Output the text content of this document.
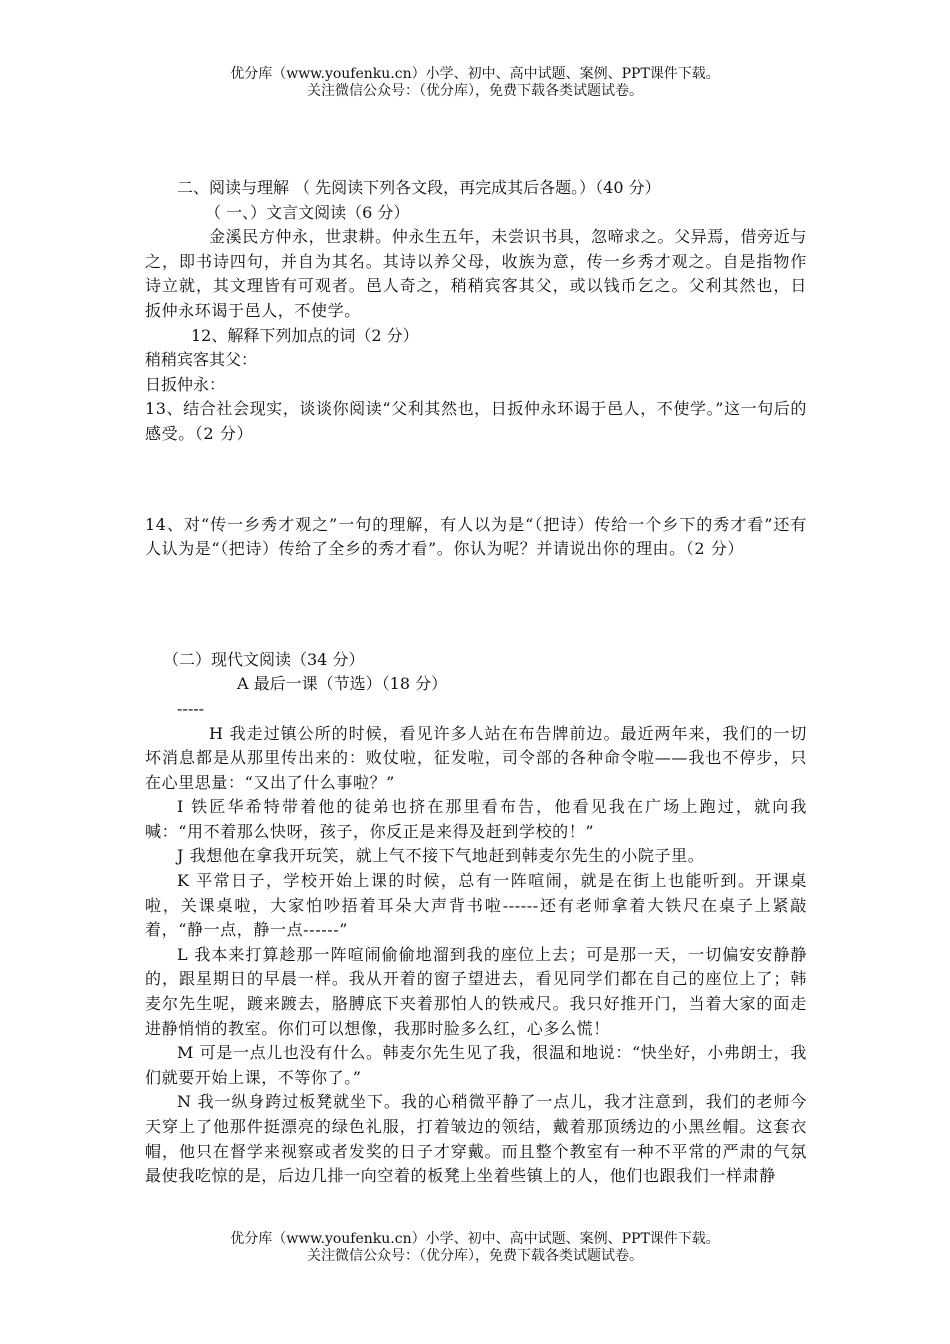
优分库（www.youfenku.cn）小学、初中、高中试题、案例、PPT课件下载。
关注微信公众号：（优分库），免费下载各类试题试卷。
二、阅读与理解 （ 先阅读下列各文段，再完成其后各题。）（40 分）
（ 一、）文言文阅读（6 分）

金溪民方仲永，世隶耕。仲永生五年，未尝识书具，忽啼求之。父异焉，借旁近与之，即书诗四句，并自为其名。其诗以养父母，收族为意，传一乡秀才观之。自是指物作诗立就，其文理皆有可观者。邑人奇之，稍稍宾客其父，或以钱币乞之。父利其然也，日扳仲永环谒于邑人，不使学。

12、解释下列加点的词（2 分）
稍稍宾客其父：
日扳仲永：

13、结合社会现实，谈谈你阅读“父利其然也，日扳仲永环谒于邑人，不使学。”这一句后的感受。（2 分）

14、对“传一乡秀才观之”一句的理解，有人以为是“（把诗）传给一个乡下的秀才看”还有人认为是“（把诗）传给了全乡的秀才看”。你认为呢？并请说出你的理由。（2 分）

（二）现代文阅读（34 分）
A 最后一课（节选）（18 分）
-----

H 我走过镇公所的时候，看见许多人站在布告牌前边。最近两年来，我们的一切坏消息都是从那里传出来的：败仗啦，征发啦，司令部的各种命令啦——我也不停步，只在心里思量：“又出了什么事啦？”

I 铁匠华希特带着他的徒弟也挤在那里看布告，他看见我在广场上跑过，就向我喊：“用不着那么快呀，孩子，你反正是来得及赶到学校的！”

J 我想他在拿我开玩笑，就上气不接下气地赶到韩麦尔先生的小院子里。

K 平常日子，学校开始上课的时候，总有一阵喧闹，就是在街上也能听到。开课桌啦，关课桌啦，大家怕吵捂着耳朵大声背书啦------还有老师拿着大铁尺在桌子上紧敲着，“静一点，静一点------”

L 我本来打算趁那一阵喧闹偷偷地溜到我的座位上去；可是那一天，一切偏安安静静的，跟星期日的早晨一样。我从开着的窗子望进去，看见同学们都在自己的座位上了；韩麦尔先生呢，踱来踱去，胳膊底下夹着那怕人的铁戒尺。我只好推开门，当着大家的面走进静悄悄的教室。你们可以想像，我那时脸多么红，心多么慌！

M 可是一点儿也没有什么。韩麦尔先生见了我，很温和地说：“快坐好，小弗朗士，我们就要开始上课，不等你了。”

N 我一纵身跨过板凳就坐下。我的心稍微平静了一点儿，我才注意到，我们的老师今天穿上了他那件挺漂亮的绿色礼服，打着皱边的领结，戴着那顶绣边的小黑丝帽。这套衣帽，他只在督学来视察或者发奖的日子才穿戴。而且整个教室有一种不平常的严肃的气氛最使我吃惊的是，后边几排一向空着的板凳上坐着些镇上的人，他们也跟我们一样肃静

优分库（www.youfenku.cn）小学、初中、高中试题、案例、PPT课件下载。
关注微信公众号：（优分库），免费下载各类试题试卷。
